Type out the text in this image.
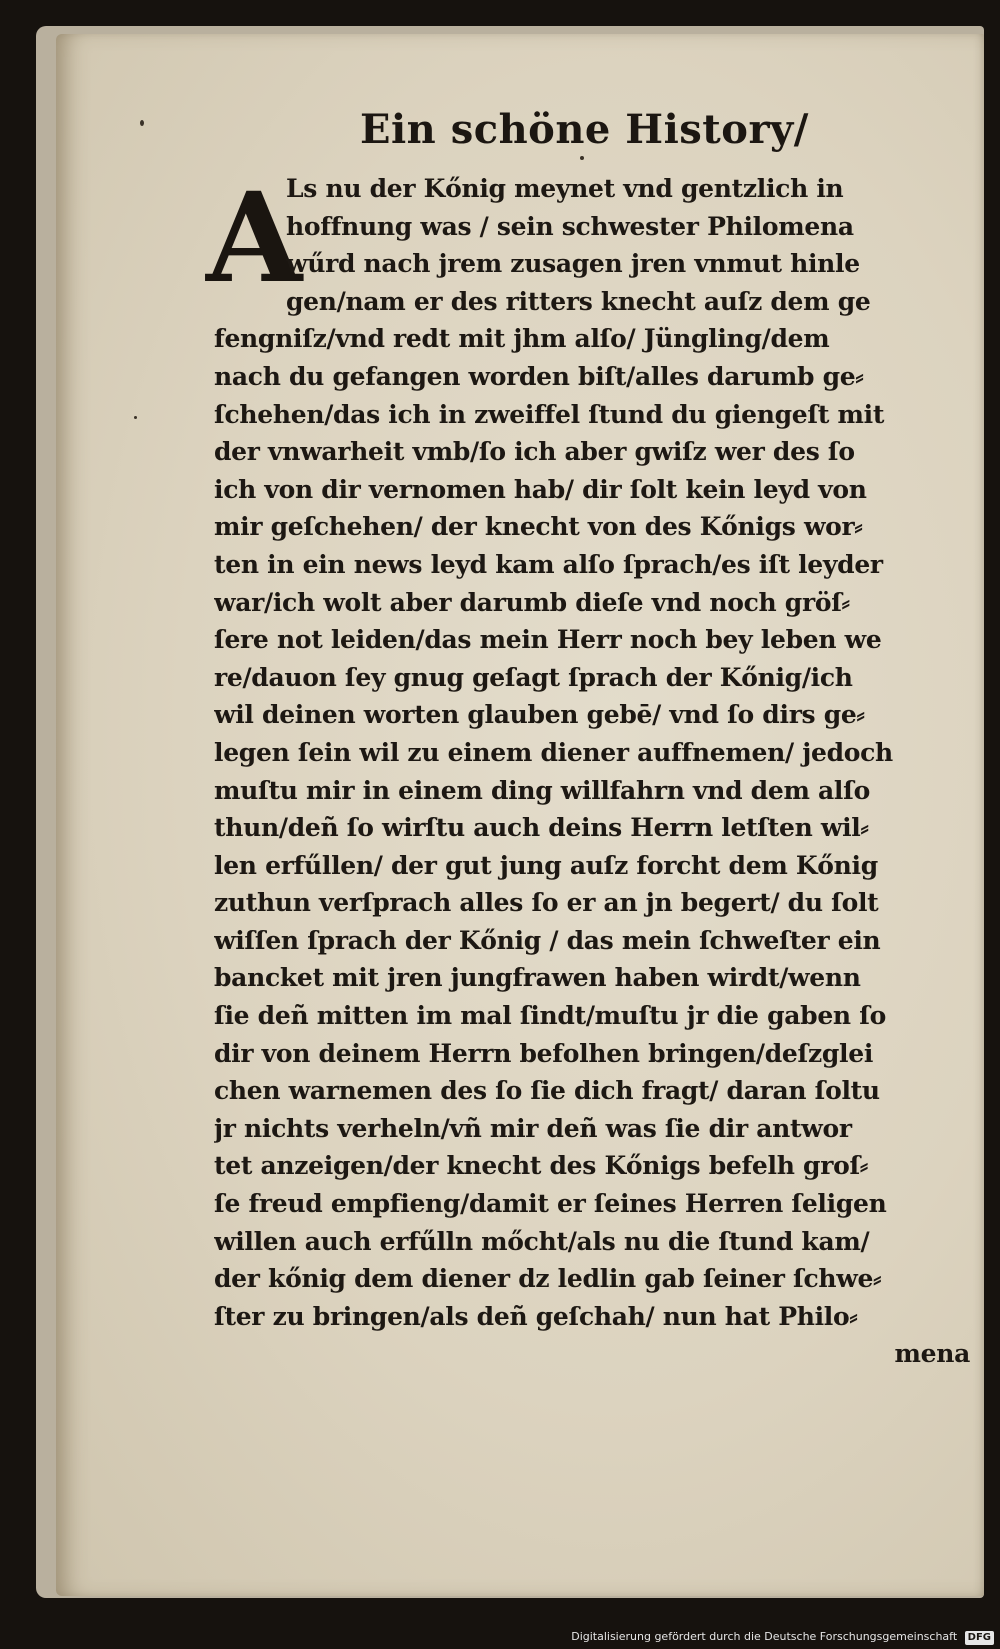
Ein schöne History/
A
Ls nu der Kőnig meynet vnd gentzlich in
hoffnung was / sein schwester Philomena
wűrd nach jrem zusagen jren vnmut hinle
gen/nam er des ritters knecht auſz dem ge
fengniſz/vnd redt mit jhm alſo/ Jüngling/dem
nach du gefangen worden biſt/alles darumb ge⸗
ſchehen/das ich in zweiffel ſtund du giengeſt mit
der vnwarheit vmb/ſo ich aber gwiſz wer des ſo
ich von dir vernomen hab/ dir ſolt kein leyd von
mir geſchehen/ der knecht von des Kőnigs wor⸗
ten in ein news leyd kam alſo ſprach/es iſt leyder
war/ich wolt aber darumb dieſe vnd noch gröſ⸗
ſere not leiden/das mein Herr noch bey leben we
re/dauon ſey gnug geſagt ſprach der Kőnig/ich
wil deinen worten glauben gebē/ vnd ſo dirs ge⸗
legen ſein wil zu einem diener auffnemen/ jedoch
muſtu mir in einem ding willfahrn vnd dem alſo
thun/deñ ſo wirſtu auch deins Herrn letſten wil⸗
len erfűllen/ der gut jung auſz forcht dem Kőnig
zuthun verſprach alles ſo er an jn begert/ du ſolt
wiſſen ſprach der Kőnig / das mein ſchweſter ein
bancket mit jren jungfrawen haben wirdt/wenn
ſie deñ mitten im mal ſindt/muſtu jr die gaben ſo
dir von deinem Herrn befolhen bringen/deſzglei
chen warnemen des ſo ſie dich fragt/ daran ſoltu
jr nichts verheln/vñ mir deñ was ſie dir antwor
tet anzeigen/der knecht des Kőnigs befelh groſ⸗
ſe freud empfieng/damit er ſeines Herren ſeligen
willen auch erfűlln mőcht/als nu die ſtund kam/
der kőnig dem diener dz ledlin gab ſeiner ſchwe⸗
ſter zu bringen/als deñ geſchah/ nun hat Philo⸗
mena
Digitalisierung gefördert durch die Deutsche Forschungsgemeinschaft DFG
